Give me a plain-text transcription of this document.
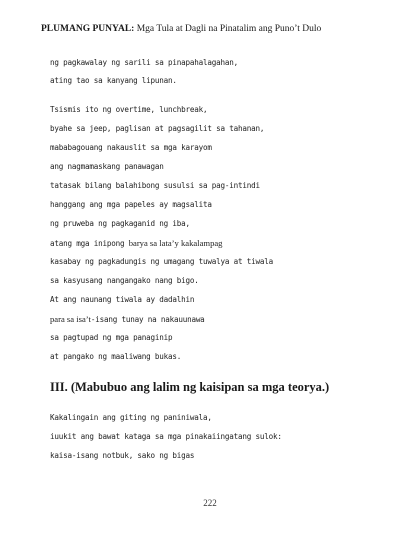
PLUMANG PUNYAL: Mga Tula at Dagli na Pinatalim ang Puno’t Dulo
ng pagkawalay ng sarili sa pinapahalagahan,
ating tao sa kanyang lipunan.
Tsismis ito ng overtime, lunchbreak,
byahe sa jeep, paglisan at pagsagilit sa tahanan,
mababagouang nakauslit sa mga karayom
ang nagmamaskang panawagan
tatasak bilang balahibong susulsi sa pag-intindi
hanggang ang mga papeles ay magsalita
ng pruweba ng pagkaganid ng iba,
atang mga inipong barya sa lata’y kakalampag
kasabay ng pagkadungis ng umagang tuwalya at tiwala
sa kasyusang nangangako nang bigo.
At ang naunang tiwala ay dadalhin
para sa isa’t-isang tunay na nakauunawa
sa pagtupad ng mga panaginip
at pangako ng maaliwang bukas.
III. (Mabubuo ang lalim ng kaisipan sa mga teorya.)
Kakalingain ang giting ng paniniwala,
iuukit ang bawat kataga sa mga pinakaiingatang sulok:
kaisa-isang notbuk, sako ng bigas
222
